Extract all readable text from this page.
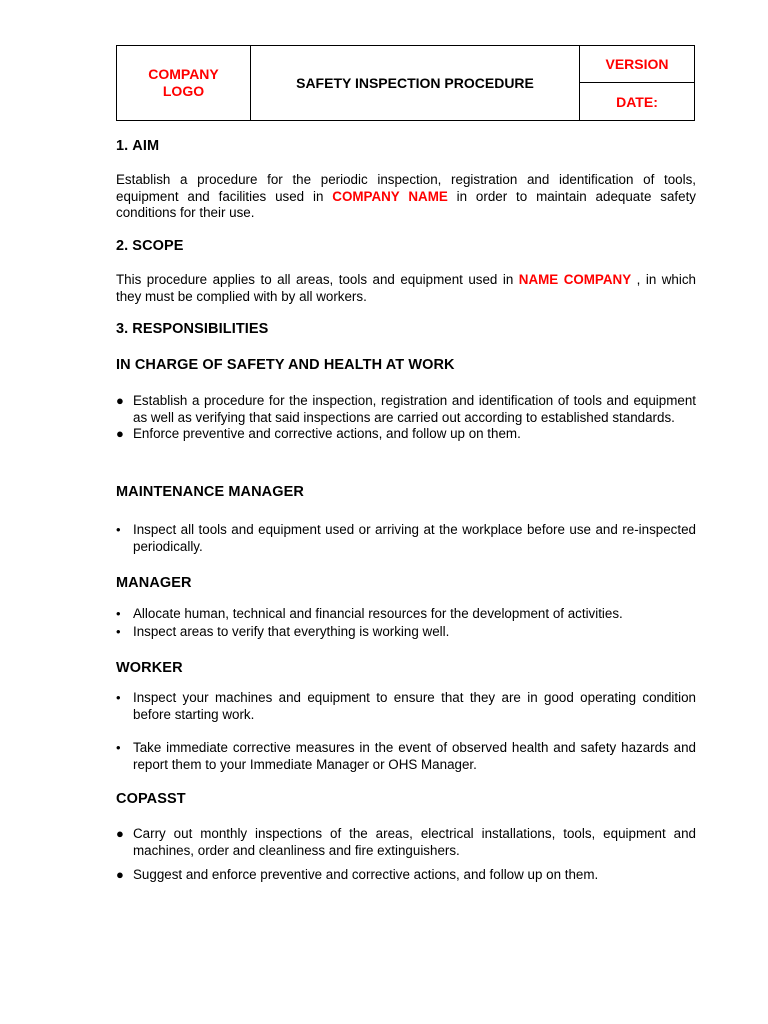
COMPANY
LOGO	SAFETY INSPECTION PROCEDURE	VERSION
DATE:
1. AIM

Establish a procedure for the periodic inspection, registration and identification of tools, equipment and facilities used in COMPANY NAME in order to maintain adequate safety conditions for their use.

2. SCOPE

This procedure applies to all areas, tools and equipment used in NAME COMPANY , in which they must be complied with by all workers.

3. RESPONSIBILITIES
IN CHARGE OF SAFETY AND HEALTH AT WORK
● Establish a procedure for the inspection, registration and identification of tools and equipment as well as verifying that said inspections are carried out according to established standards.
● Enforce preventive and corrective actions, and follow up on them.
MAINTENANCE MANAGER
• Inspect all tools and equipment used or arriving at the workplace before use and re-inspected periodically.
MANAGER
• Allocate human, technical and financial resources for the development of activities.
• Inspect areas to verify that everything is working well.
WORKER
• Inspect your machines and equipment to ensure that they are in good operating condition before starting work.
• Take immediate corrective measures in the event of observed health and safety hazards and report them to your Immediate Manager or OHS Manager.
COPASST
● Carry out monthly inspections of the areas, electrical installations, tools, equipment and machines, order and cleanliness and fire extinguishers.
● Suggest and enforce preventive and corrective actions, and follow up on them.
